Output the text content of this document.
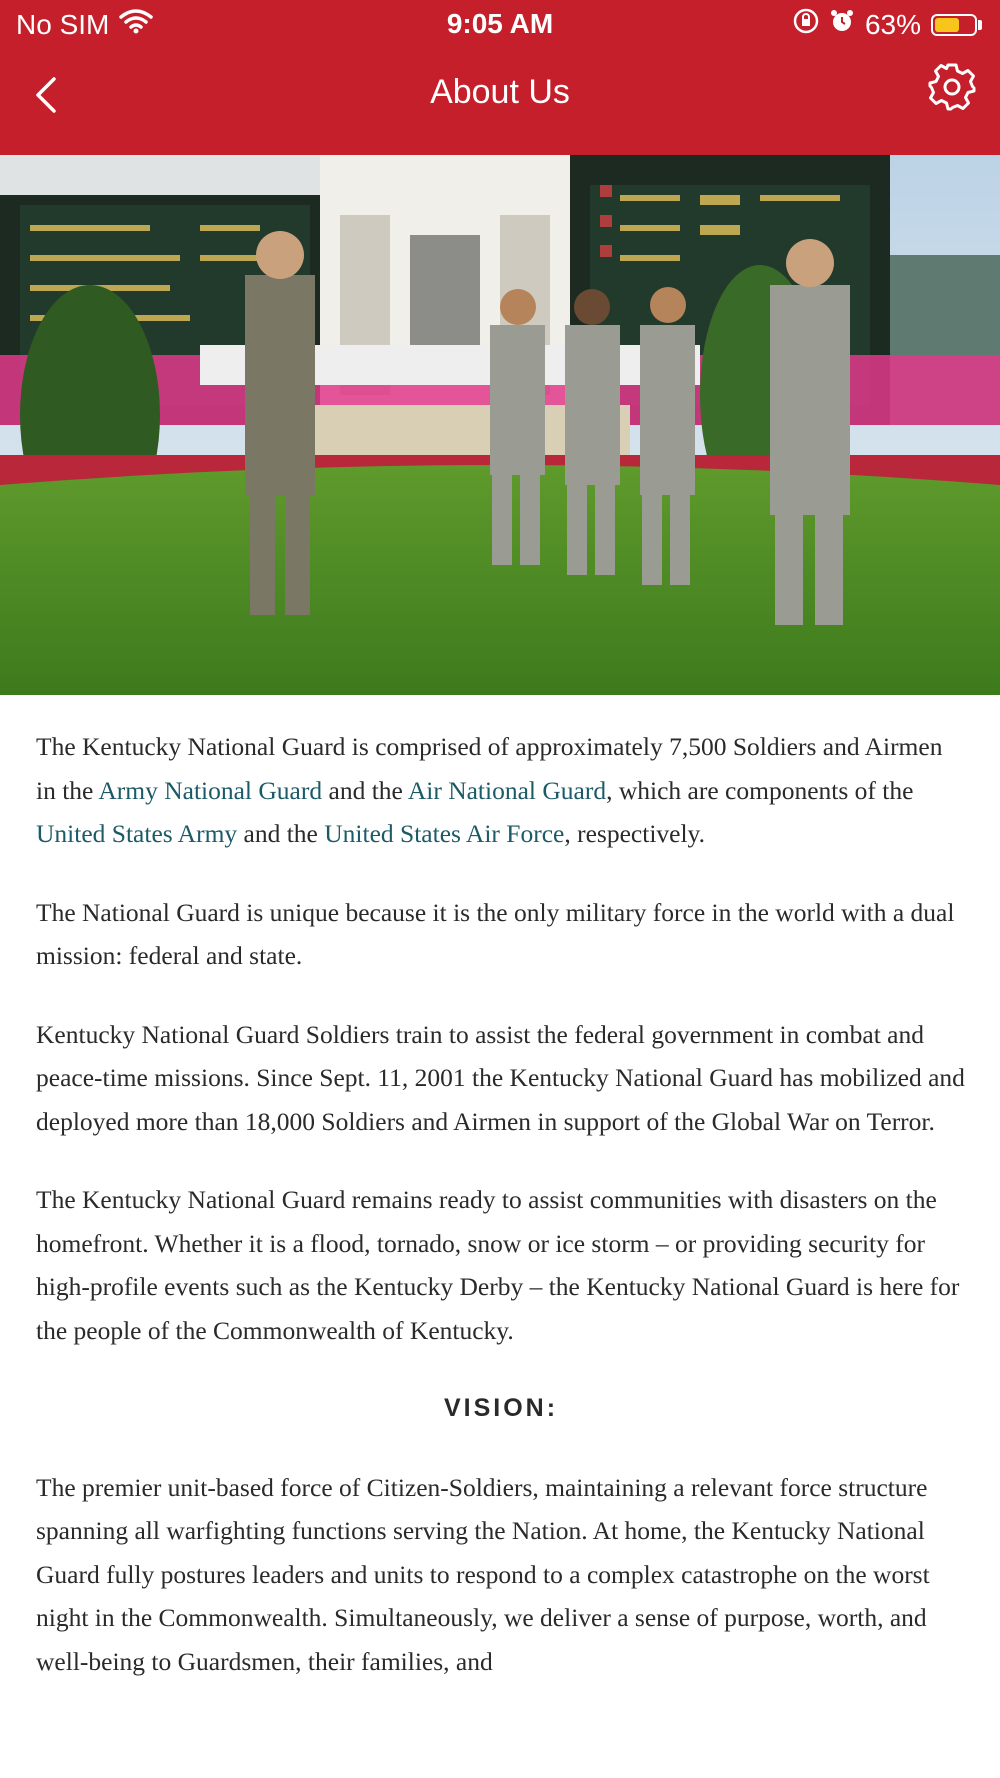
No SIM	9:05 AM	63%
About Us

The Kentucky National Guard is comprised of approximately 7,500 Soldiers and Airmen in the Army National Guard and the Air National Guard, which are components of the United States Army and the United States Air Force, respectively.

The National Guard is unique because it is the only military force in the world with a dual mission: federal and state.

Kentucky National Guard Soldiers train to assist the federal government in combat and peace-time missions. Since Sept. 11, 2001 the Kentucky National Guard has mobilized and deployed more than 18,000 Soldiers and Airmen in support of the Global War on Terror.

The Kentucky National Guard remains ready to assist communities with disasters on the homefront. Whether it is a flood, tornado, snow or ice storm – or providing security for high-profile events such as the Kentucky Derby – the Kentucky National Guard is here for the people of the Commonwealth of Kentucky.

VISION:

The premier unit-based force of Citizen-Soldiers, maintaining a relevant force structure spanning all warfighting functions serving the Nation. At home, the Kentucky National Guard fully postures leaders and units to respond to a complex catastrophe on the worst night in the Commonwealth. Simultaneously, we deliver a sense of purpose, worth, and well-being to Guardsmen, their families, and
